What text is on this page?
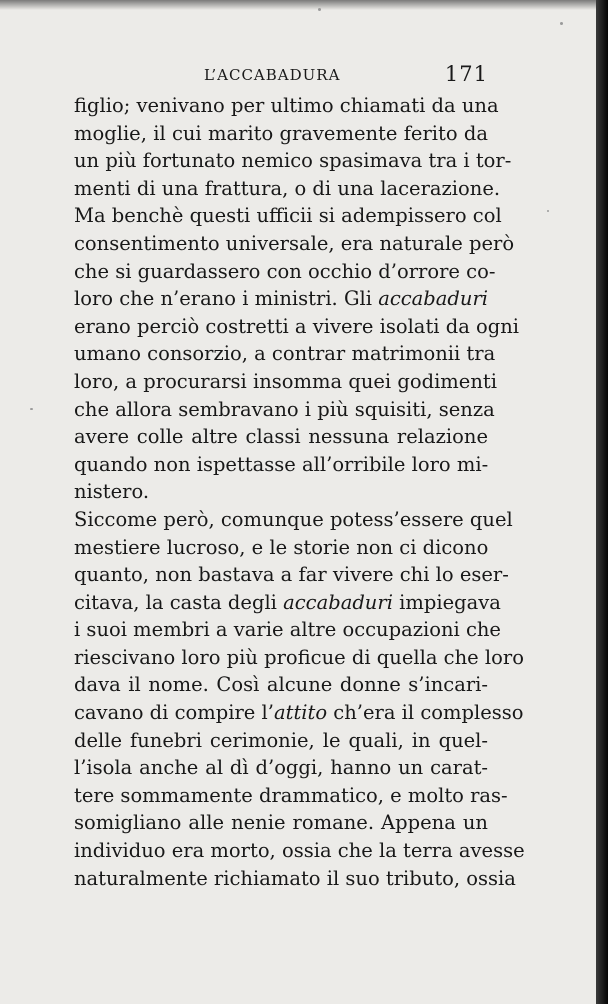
L’ACCABADURA	171
figlio; venivano per ultimo chiamati da una
moglie, il cui marito gravemente ferito da
un più fortunato nemico spasimava tra i tor-
menti di una frattura, o di una lacerazione.
Ma benchè questi ufficii si adempissero col
consentimento universale, era naturale però
che si guardassero con occhio d’orrore co-
loro che n’erano i ministri. Gli accabaduri
erano perciò costretti a vivere isolati da ogni
umano consorzio, a contrar matrimonii tra
loro, a procurarsi insomma quei godimenti
che allora sembravano i più squisiti, senza
avere colle altre classi nessuna relazione
quando non ispettasse all’orribile loro mi-
nistero.
Siccome però, comunque potess’essere quel
mestiere lucroso, e le storie non ci dicono
quanto, non bastava a far vivere chi lo eser-
citava, la casta degli accabaduri impiegava
i suoi membri a varie altre occupazioni che
riescivano loro più proficue di quella che loro
dava il nome. Così alcune donne s’incari-
cavano di compire l’attito ch’era il complesso
delle funebri cerimonie, le quali, in quel-
l’isola anche al dì d’oggi, hanno un carat-
tere sommamente drammatico, e molto ras-
somigliano alle nenie romane. Appena un
individuo era morto, ossia che la terra avesse
naturalmente richiamato il suo tributo, ossia
